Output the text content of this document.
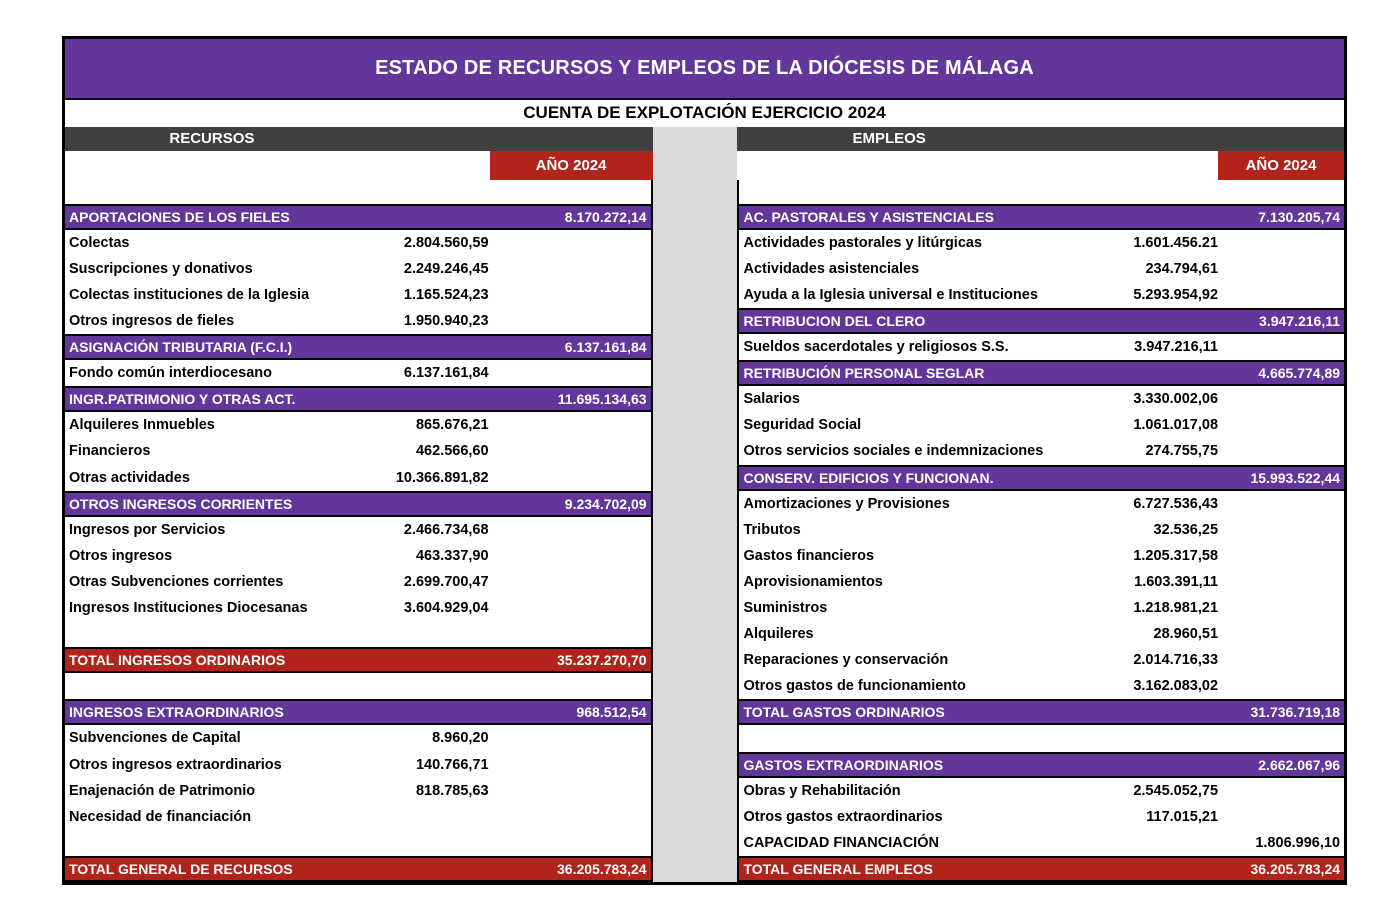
ESTADO DE RECURSOS Y EMPLEOS DE LA DIÓCESIS DE MÁLAGA
CUENTA DE EXPLOTACIÓN EJERCICIO 2024
RECURSOS
AÑO 2024
APORTACIONES DE LOS FIELES	8.170.272,14
Colectas	2.804.560,59
Suscripciones y donativos	2.249.246,45
Colectas instituciones de la Iglesia	1.165.524,23
Otros ingresos de fieles	1.950.940,23
ASIGNACIÓN TRIBUTARIA (F.C.I.)	6.137.161,84
Fondo común interdiocesano	6.137.161,84
INGR.PATRIMONIO Y OTRAS ACT.	11.695.134,63
Alquileres Inmuebles	865.676,21
Financieros	462.566,60
Otras actividades	10.366.891,82
OTROS INGRESOS CORRIENTES	9.234.702,09
Ingresos por Servicios	2.466.734,68
Otros ingresos	463.337,90
Otras Subvenciones corrientes	2.699.700,47
Ingresos Instituciones Diocesanas	3.604.929,04
TOTAL INGRESOS ORDINARIOS	35.237.270,70
INGRESOS EXTRAORDINARIOS	968.512,54
Subvenciones de Capital	8.960,20
Otros ingresos extraordinarios	140.766,71
Enajenación de Patrimonio	818.785,63
Necesidad de financiación
TOTAL GENERAL DE RECURSOS	36.205.783,24
EMPLEOS
AÑO 2024
AC. PASTORALES Y ASISTENCIALES	7.130.205,74
Actividades pastorales y litúrgicas	1.601.456.21
Actividades asistenciales	234.794,61
Ayuda a la Iglesia universal e Instituciones	5.293.954,92
RETRIBUCION DEL CLERO	3.947.216,11
Sueldos sacerdotales y religiosos S.S.	3.947.216,11
RETRIBUCIÓN PERSONAL SEGLAR	4.665.774,89
Salarios	3.330.002,06
Seguridad Social	1.061.017,08
Otros servicios sociales e indemnizaciones	274.755,75
CONSERV. EDIFICIOS Y FUNCIONAN.	15.993.522,44
Amortizaciones y Provisiones	6.727.536,43
Tributos	32.536,25
Gastos financieros	1.205.317,58
Aprovisionamientos	1.603.391,11
Suministros	1.218.981,21
Alquileres	28.960,51
Reparaciones y conservación	2.014.716,33
Otros gastos de funcionamiento	3.162.083,02
TOTAL GASTOS ORDINARIOS	31.736.719,18
GASTOS EXTRAORDINARIOS	2.662.067,96
Obras y Rehabilitación	2.545.052,75
Otros gastos extraordinarios	117.015,21
CAPACIDAD FINANCIACIÓN	1.806.996,10
TOTAL GENERAL EMPLEOS	36.205.783,24
